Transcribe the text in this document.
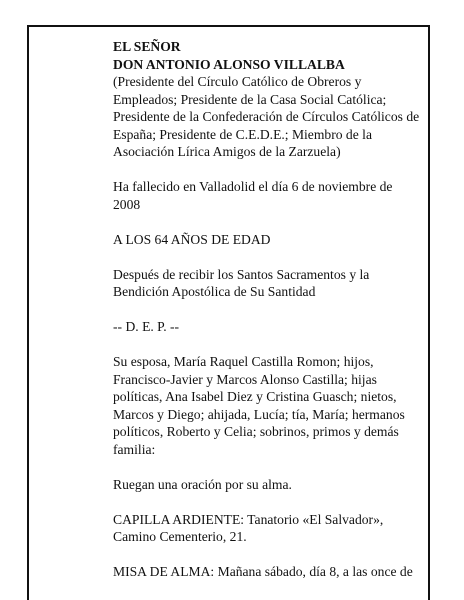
EL SEÑOR
DON ANTONIO ALONSO VILLALBA
(Presidente del Círculo Católico de Obreros y Empleados; Presidente de la Casa Social Católica; Presidente de la Confederación de Círculos Católicos de España; Presidente de C.E.D.E.; Miembro de la Asociación Lírica Amigos de la Zarzuela)

Ha fallecido en Valladolid el día 6 de noviembre de 2008

A LOS 64 AÑOS DE EDAD

Después de recibir los Santos Sacramentos y la Bendición Apostólica de Su Santidad

-- D. E. P. --

Su esposa, María Raquel Castilla Romon; hijos, Francisco-Javier y Marcos Alonso Castilla; hijas políticas, Ana Isabel Diez y Cristina Guasch; nietos, Marcos y Diego; ahijada, Lucía; tía, María; hermanos políticos, Roberto y Celia; sobrinos, primos y demás familia:

Ruegan una oración por su alma.

CAPILLA ARDIENTE: Tanatorio «El Salvador», Camino Cementerio, 21.

MISA DE ALMA: Mañana sábado, día 8, a las once de
